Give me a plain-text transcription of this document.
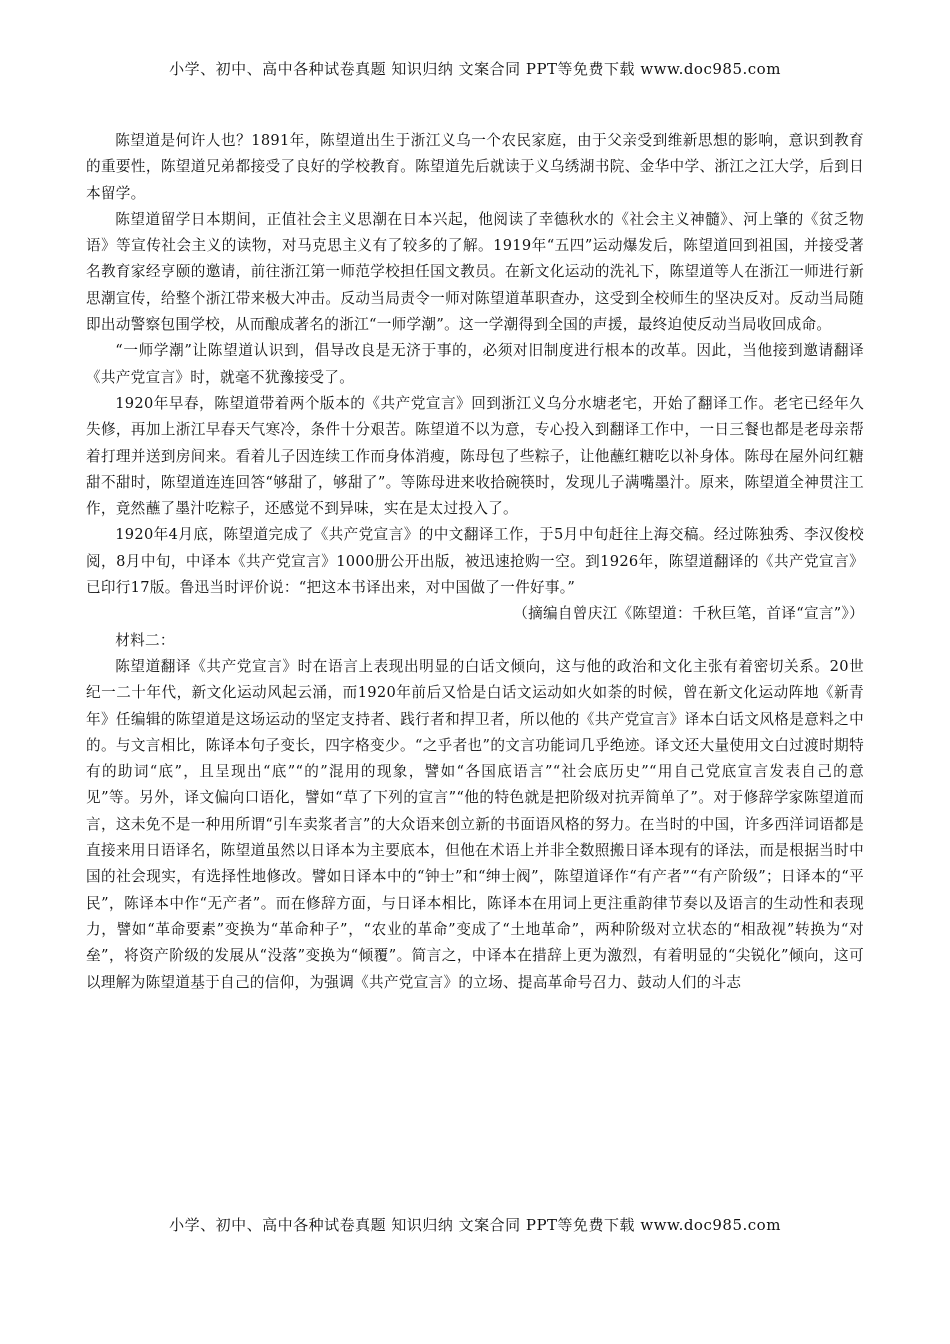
小学、初中、高中各种试卷真题 知识归纳 文案合同 PPT等免费下载 www.doc985.com

陈望道是何许人也？1891年，陈望道出生于浙江义乌一个农民家庭，由于父亲受到维新思想的影响，意识到教育的重要性，陈望道兄弟都接受了良好的学校教育。陈望道先后就读于义乌绣湖书院、金华中学、浙江之江大学，后到日本留学。

陈望道留学日本期间，正值社会主义思潮在日本兴起，他阅读了幸德秋水的《社会主义神髓》、河上肇的《贫乏物语》等宣传社会主义的读物，对马克思主义有了较多的了解。1919年“五四”运动爆发后，陈望道回到祖国，并接受著名教育家经亨颐的邀请，前往浙江第一师范学校担任国文教员。在新文化运动的洗礼下，陈望道等人在浙江一师进行新思潮宣传，给整个浙江带来极大冲击。反动当局责令一师对陈望道革职查办，这受到全校师生的坚决反对。反动当局随即出动警察包围学校，从而酿成著名的浙江“一师学潮”。这一学潮得到全国的声援，最终迫使反动当局收回成命。

“一师学潮”让陈望道认识到，倡导改良是无济于事的，必须对旧制度进行根本的改革。因此，当他接到邀请翻译《共产党宣言》时，就毫不犹豫接受了。

1920年早春，陈望道带着两个版本的《共产党宣言》回到浙江义乌分水塘老宅，开始了翻译工作。老宅已经年久失修，再加上浙江早春天气寒冷，条件十分艰苦。陈望道不以为意，专心投入到翻译工作中，一日三餐也都是老母亲帮着打理并送到房间来。看着儿子因连续工作而身体消瘦，陈母包了些粽子，让他蘸红糖吃以补身体。陈母在屋外问红糖甜不甜时，陈望道连连回答“够甜了，够甜了”。等陈母进来收拾碗筷时，发现儿子满嘴墨汁。原来，陈望道全神贯注工作，竟然蘸了墨汁吃粽子，还感觉不到异味，实在是太过投入了。

1920年4月底，陈望道完成了《共产党宣言》的中文翻译工作，于5月中旬赶往上海交稿。经过陈独秀、李汉俊校阅，8月中旬，中译本《共产党宣言》1000册公开出版，被迅速抢购一空。到1926年，陈望道翻译的《共产党宣言》已印行17版。鲁迅当时评价说：“把这本书译出来，对中国做了一件好事。”

（摘编自曾庆江《陈望道：千秋巨笔，首译“宣言”》）

材料二：

陈望道翻译《共产党宣言》时在语言上表现出明显的白话文倾向，这与他的政治和文化主张有着密切关系。20世纪一二十年代，新文化运动风起云涌，而1920年前后又恰是白话文运动如火如荼的时候，曾在新文化运动阵地《新青年》任编辑的陈望道是这场运动的坚定支持者、践行者和捍卫者，所以他的《共产党宣言》译本白话文风格是意料之中的。与文言相比，陈译本句子变长，四字格变少。“之乎者也”的文言功能词几乎绝迹。译文还大量使用文白过渡时期特有的助词“底”，且呈现出“底”“的”混用的现象，譬如“各国底语言”“社会底历史”“用自己党底宣言发表自己的意见”等。另外，译文偏向口语化，譬如“草了下列的宣言”“他的特色就是把阶级对抗弄简单了”。对于修辞学家陈望道而言，这未免不是一种用所谓“引车卖浆者言”的大众语来创立新的书面语风格的努力。在当时的中国，许多西洋词语都是直接来用日语译名，陈望道虽然以日译本为主要底本，但他在术语上并非全数照搬日译本现有的译法，而是根据当时中国的社会现实，有选择性地修改。譬如日译本中的“钟士”和“绅士阀”，陈望道译作“有产者”“有产阶级”；日译本的“平民”，陈译本中作“无产者”。而在修辞方面，与日译本相比，陈译本在用词上更注重韵律节奏以及语言的生动性和表现力，譬如“革命要素”变换为“革命种子”，“农业的革命”变成了“土地革命”，两种阶级对立状态的“相敌视”转换为“对垒”，将资产阶级的发展从“没落”变换为“倾覆”。简言之，中译本在措辞上更为激烈，有着明显的“尖锐化”倾向，这可以理解为陈望道基于自己的信仰，为强调《共产党宣言》的立场、提高革命号召力、鼓动人们的斗志

小学、初中、高中各种试卷真题 知识归纳 文案合同 PPT等免费下载 www.doc985.com
